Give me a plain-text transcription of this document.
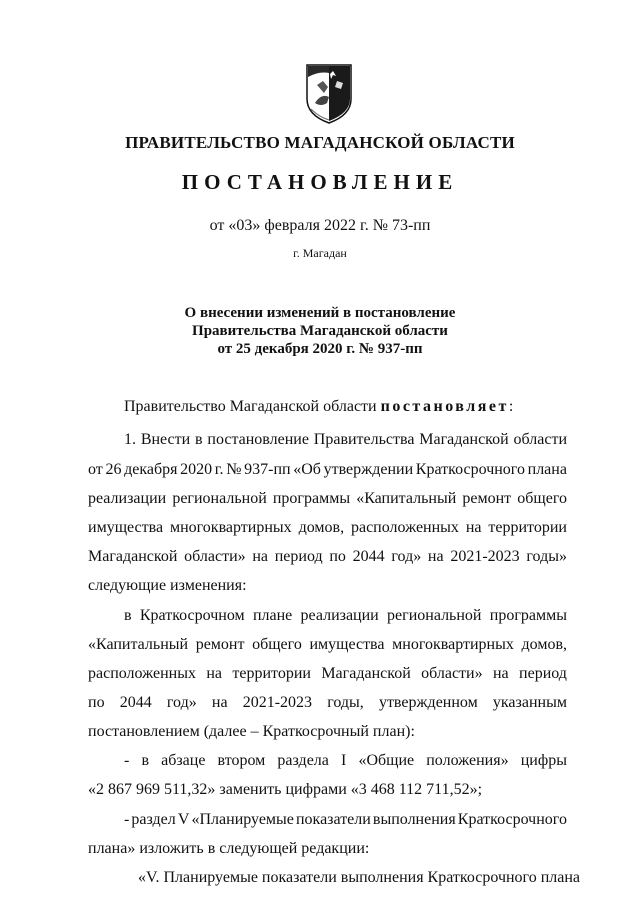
ПРАВИТЕЛЬСТВО МАГАДАНСКОЙ ОБЛАСТИ
ПОСТАНОВЛЕНИЕ
от «03» февраля 2022 г. № 73-пп
г. Магадан
О внесении изменений в постановление
Правительства Магаданской области
от 25 декабря 2020 г. № 937-пп
Правительство Магаданской области постановляет:
1. Внести в постановление Правительства Магаданской области
от 26 декабря 2020 г. № 937-пп «Об утверждении Краткосрочного плана
реализации региональной программы «Капитальный ремонт общего
имущества многоквартирных домов, расположенных на территории
Магаданской области» на период по 2044 год» на 2021-2023 годы»
следующие изменения:
в Краткосрочном плане реализации региональной программы
«Капитальный ремонт общего имущества многоквартирных домов,
расположенных на территории Магаданской области» на период
по 2044 год» на 2021-2023 годы, утвержденном указанным
постановлением (далее – Краткосрочный план):
- в абзаце втором раздела I «Общие положения» цифры
«2 867 969 511,32» заменить цифрами «3 468 112 711,52»;
- раздел V «Планируемые показатели выполнения Краткосрочного
плана» изложить в следующей редакции:
«V. Планируемые показатели выполнения Краткосрочного плана
